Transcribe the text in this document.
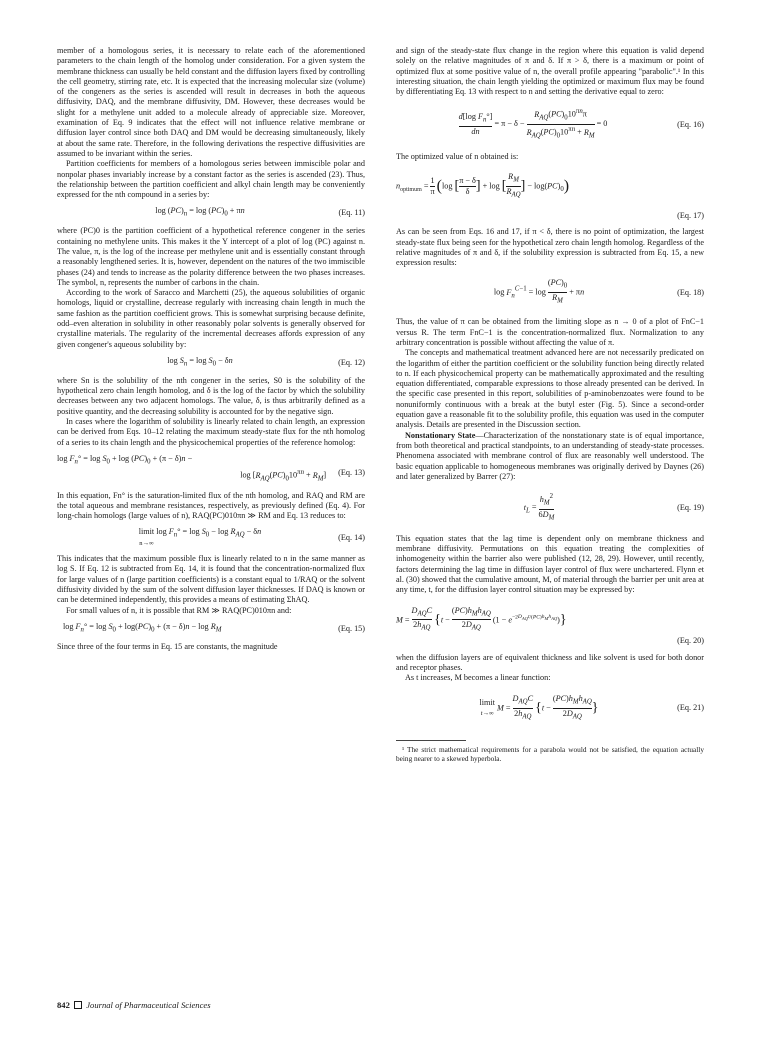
member of a homologous series, it is necessary to relate each of the aforementioned parameters to the chain length of the homolog under consideration. For a given system the membrane thickness can usually be held constant and the diffusion layers fixed by controlling the cell geometry, stirring rate, etc. It is expected that the increasing molecular size (volume) of the congeners as the series is ascended will result in decreases in both the aqueous diffusivity, DAQ, and the membrane diffusivity, DM. However, these decreases would be slight for a methylene unit added to a molecule already of appreciable size. Moreover, examination of Eq. 9 indicates that the effect will not influence relative membrane or diffusion layer control since both DAQ and DM would be decreasing simultaneously, likely at about the same rate. Therefore, in the following derivations the respective diffusivities are assumed to be invariant within the series.

Partition coefficients for members of a homologous series between immiscible polar and nonpolar phases invariably increase by a constant factor as the series is ascended (23). Thus, the relationship between the partition coefficient and alkyl chain length may be conveniently expressed for the nth compound in a series by:

$\log (PC)_n = \log (PC)_0 + \pi n$	(Eq. 11)

where (PC)0 is the partition coefficient of a hypothetical reference congener in the series containing no methylene units. This makes it the Y intercept of a plot of log (PC) against n. The value, π, is the log of the increase per methylene unit and is essentially constant through a reasonably lengthened series. It is, however, dependent on the natures of the two immiscible phases (24) and tends to increase as the polarity difference between the two phases increases. The symbol, n, represents the number of carbons in the chain.

According to the work of Saracco and Marchetti (25), the aqueous solubilities of organic homologs, liquid or crystalline, decrease regularly with increasing chain length in much the same fashion as the partition coefficient grows. This is somewhat surprising because definite, odd–even alteration in solubility in other reasonably polar solvents is generally observed for crystalline materials. The regularity of the incremental decreases affords expression of any given congener's aqueous solubility by:

$\log S_n = \log S_0 - \delta n$	(Eq. 12)

where Sn is the solubility of the nth congener in the series, S0 is the solubility of the hypothetical zero chain length homolog, and δ is the log of the factor by which the solubility decreases between any two adjacent homologs. The value, δ, is thus arbitrarily defined as a positive quantity, and the decreasing solubility is accounted for by the negative sign.

In cases where the logarithm of solubility is linearly related to chain length, an expression can be derived from Eqs. 10–12 relating the maximum steady-state flux for the nth homolog of a series to its chain length and the physicochemical properties of the reference homolog:

$\log F_n^\circ = \log S_0 + \log (PC)_0 + (\pi - \delta)n$ −
$\log [R_{AQ}(PC)_010^{\pi n} + R_M]$ (Eq. 13)

In this equation, Fn° is the saturation-limited flux of the nth homolog, and RAQ and RM are the total aqueous and membrane resistances, respectively, as previously defined (Eq. 4). For long-chain homologs (large values of n), RAQ(PC)010πn ≫ RM and Eq. 13 reduces to:

limit
n→∞ $\log F_n^\circ = \log S_0 - \log R_{AQ} - \delta n$
(Eq. 14)

This indicates that the maximum possible flux is linearly related to n in the same manner as log S. If Eq. 12 is subtracted from Eq. 14, it is found that the concentration-normalized flux for large values of n (large partition coefficients) is a constant equal to 1/RAQ or the solvent diffusivity divided by the sum of the solvent diffusion layer thicknesses. If DAQ is known or can be determined independently, this provides a means of estimating ΣhAQ.

For small values of n, it is possible that RM ≫ RAQ(PC)010πn and:

$\log F_n^\circ = \log S_0 + \log(PC)_0 + (\pi - \delta)n - \log R_M$	(Eq. 15)

Since three of the four terms in Eq. 15 are constants, the magnitude

and sign of the steady-state flux change in the region where this equation is valid depend solely on the relative magnitudes of π and δ. If π > δ, there is a maximum or point of optimized flux at some positive value of n, the overall profile appearing "parabolic".¹ In this interesting situation, the chain length yielding the optimized or maximum flux may be found by differentiating Eq. 13 with respect to n and setting the derivative equal to zero:

$\frac{d[\log F_n^\circ]}{dn} = \pi - \delta$ −
$R_{AQ}(PC)_010^{\pi n}\pi$
$R_{AQ}(PC)_010^{\pi n} + R_M$
= 0	(Eq. 16)

The optimized value of n obtained is:

$n_{optimum} = \frac{1}{\pi} (\log$ [ $\frac{\pi - \delta}{\delta}$ ] + log [
$R_M$
$R_{AQ}$
] − $\log(PC)_0$)
(Eq. 17)

As can be seen from Eqs. 16 and 17, if π < δ, there is no point of optimization, the largest steady-state flux being seen for the hypothetical zero chain length homolog. Regardless of the relative magnitudes of π and δ, if the solubility expression is subtracted from Eq. 15, a new expression results:

$\log F_n^{C-1} = \log \frac{(PC)_0}{R_M} + \pi n$	(Eq. 18)

Thus, the value of π can be obtained from the limiting slope as n → 0 of a plot of FnC−1 versus R. The term FnC−1 is the concentration-normalized flux. Normalization to any arbitrary concentration is possible without affecting the value of π.

The concepts and mathematical treatment advanced here are not necessarily predicated on the logarithm of either the partition coefficient or the solubility function being directly related to n. If each physicochemical property can be mathematically approximated and the resulting equation differentiated, comparable expressions to those already presented can be derived. In the specific case presented in this report, solubilities of p-aminobenzoates were found to be nonuniformly continuous with a break at the butyl ester (Fig. 5). Since a second-order equation gave a reasonable fit to the solubility profile, this equation was used in the computer analysis. Details are presented in the Discussion section.

Nonstationary State—Characterization of the nonstationary state is of equal importance, from both theoretical and practical standpoints, to an understanding of steady-state processes. Phenomena associated with membrane control of flux are reasonably well understood. The basic equation applicable to homogeneous membranes was originally derived by Daynes (26) and later generalized by Barrer (27):

$t_L = \frac{h_M^2}{6D_M}$	(Eq. 19)

This equation states that the lag time is dependent only on membrane thickness and membrane diffusivity. Permutations on this equation treating the complexities of inhomogeneity within the barrier also were published (12, 28, 29). However, until recently, factors determining the lag time in diffusion layer control of flux were unchartered. Flynn et al. (30) showed that the cumulative amount, M, of material through the barrier per unit area at any time, t, for the diffusion layer control situation may be expressed by:

M =
$D_{AQ}C$
$2h_{AQ}$
{t −
$(PC)h_Mh_{AQ}$
$2D_{AQ}$
$(1 - e^{-2D_{AQ}t/(PC)h_Mh_{AQ}})$}
(Eq. 20)

when the diffusion layers are of equivalent thickness and like solvent is used for both donor and receptor phases.

As t increases, M becomes a linear function:

limit
t→∞ M =
$D_{AQ}C$
$2h_{AQ}$
{t −
$(PC)h_Mh_{AQ}$
$2D_{AQ}$
}	(Eq. 21)

¹ The strict mathematical requirements for a parabola would not be satisfied, the equation actually being nearer to a skewed hyperbola.

842 Journal of Pharmaceutical Sciences
